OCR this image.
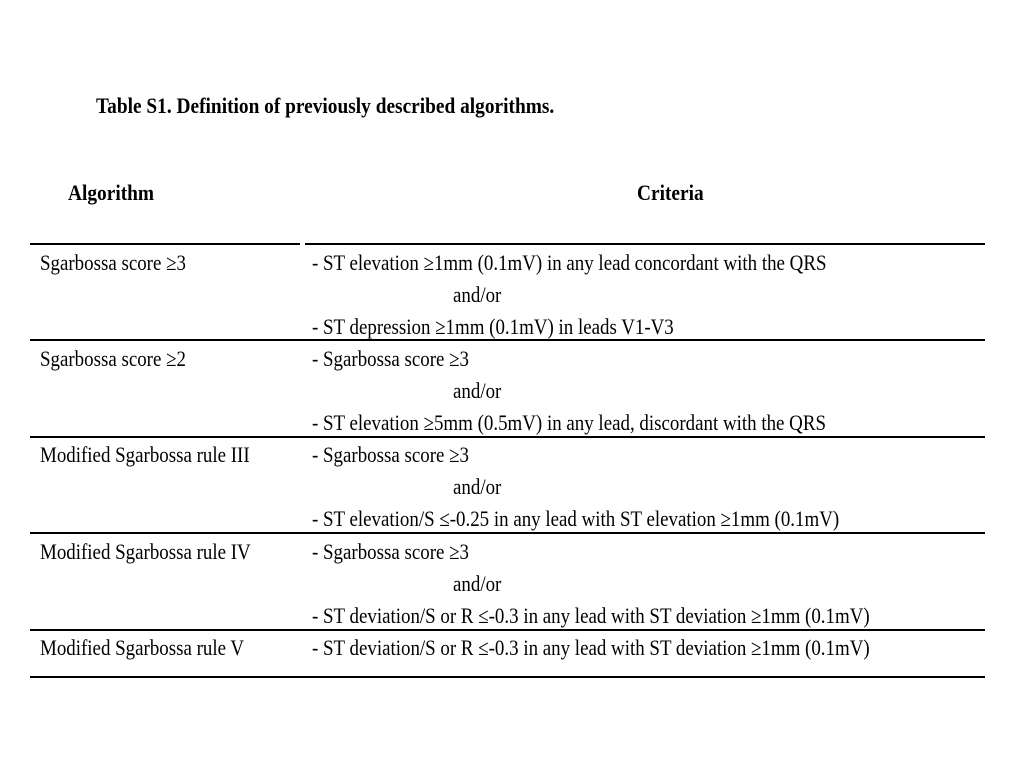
Table S1. Definition of previously described algorithms.
Algorithm	Criteria
Sgarbossa score ≥3	- ST elevation ≥1mm (0.1mV) in any lead concordant with the QRS
and/or
- ST depression ≥1mm (0.1mV) in leads V1-V3
Sgarbossa score ≥2	- Sgarbossa score ≥3
and/or
- ST elevation ≥5mm (0.5mV) in any lead, discordant with the QRS
Modified Sgarbossa rule III	- Sgarbossa score ≥3
and/or
- ST elevation/S ≤-0.25 in any lead with ST elevation ≥1mm (0.1mV)
Modified Sgarbossa rule IV	- Sgarbossa score ≥3
and/or
- ST deviation/S or R ≤-0.3 in any lead with ST deviation ≥1mm (0.1mV)
Modified Sgarbossa rule V	- ST deviation/S or R ≤-0.3 in any lead with ST deviation ≥1mm (0.1mV)
